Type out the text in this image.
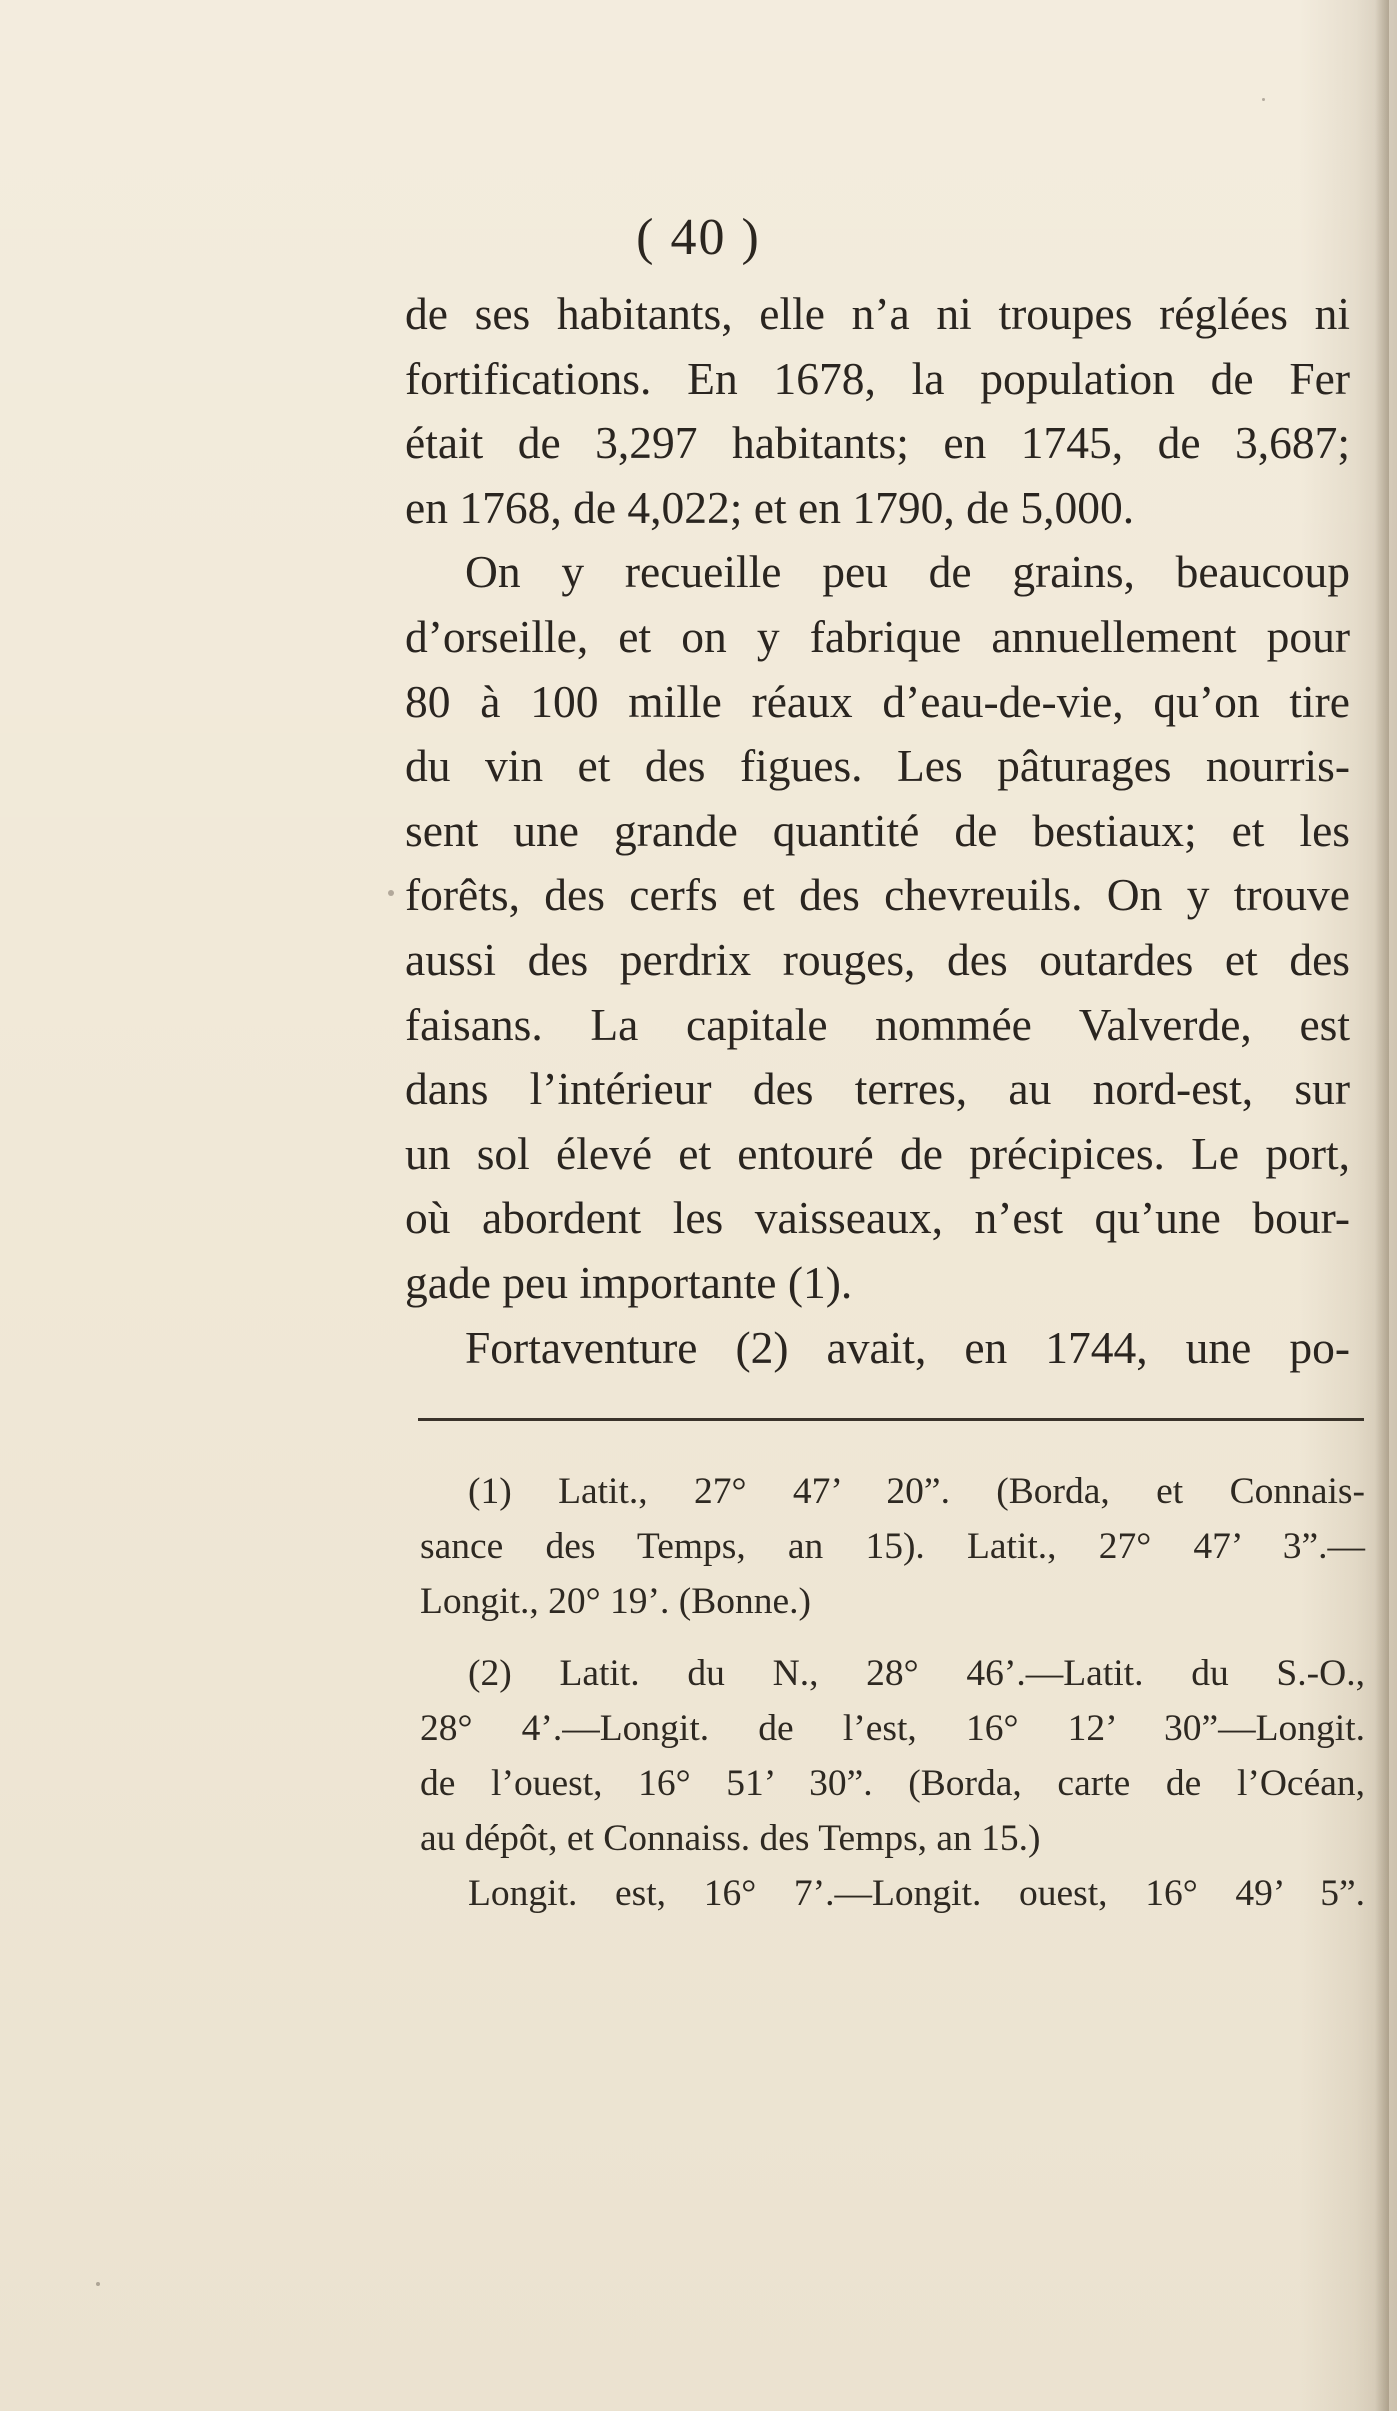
( 40 )
de ses habitants, elle n’a ni troupes réglées ni
fortifications. En 1678, la population de Fer
était de 3,297 habitants; en 1745, de 3,687;
en 1768, de 4,022; et en 1790, de 5,000.
On y recueille peu de grains, beaucoup
d’orseille, et on y fabrique annuellement pour
80 à 100 mille réaux d’eau-de-vie, qu’on tire
du vin et des figues. Les pâturages nourris-
sent une grande quantité de bestiaux; et les
forêts, des cerfs et des chevreuils. On y trouve
aussi des perdrix rouges, des outardes et des
faisans. La capitale nommée Valverde, est
dans l’intérieur des terres, au nord-est, sur
un sol élevé et entouré de précipices. Le port,
où abordent les vaisseaux, n’est qu’une bour-
gade peu importante (1).
Fortaventure (2) avait, en 1744, une po-
(1) Latit., 27° 47’ 20”. (Borda, et Connais-
sance des Temps, an 15). Latit., 27° 47’ 3”.—
Longit., 20° 19’. (Bonne.)
(2) Latit. du N., 28° 46’.—Latit. du S.-O.,
28° 4’.—Longit. de l’est, 16° 12’ 30”—Longit.
de l’ouest, 16° 51’ 30”. (Borda, carte de l’Océan,
au dépôt, et Connaiss. des Temps, an 15.)
Longit. est, 16° 7’.—Longit. ouest, 16° 49’ 5”.
